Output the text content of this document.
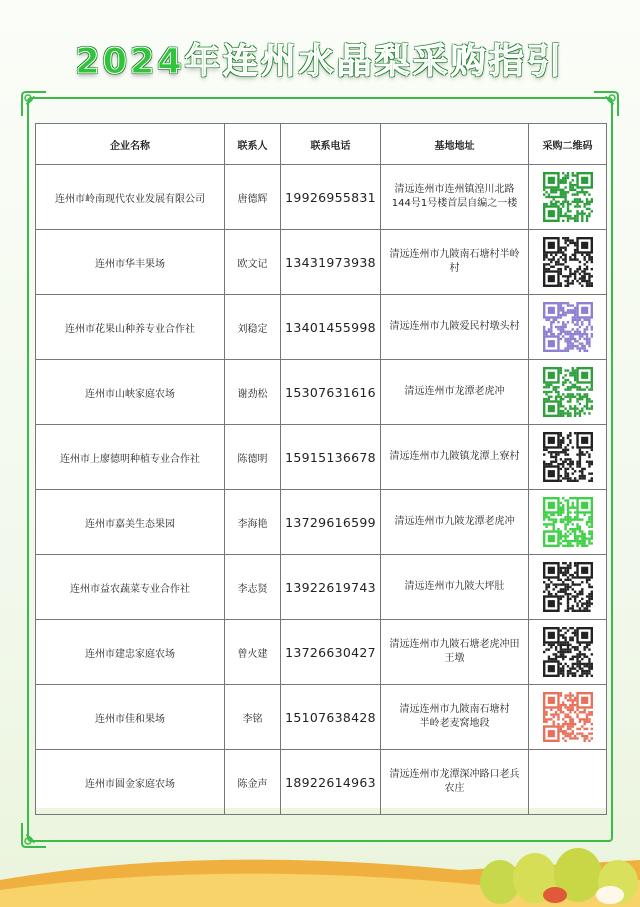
2024年连州水晶梨采购指引
企业名称	联系人	联系电话	基地地址	采购二维码
连州市岭南现代农业发展有限公司	唐德辉	19926955831	清远连州市连州镇湟川北路
144号1号楼首层自编之一楼

连州市华丰果场	欧文记	13431973938	清远连州市九陂南石塘村半岭村

连州市花果山种养专业合作社	刘稳定	13401455998	清远连州市九陂爱民村墩头村

连州市山峡家庭农场	谢劲松	15307631616	清远连州市龙潭老虎冲

连州市上廖德明种植专业合作社	陈德明	15915136678	清远连州市九陂镇龙潭上寮村

连州市嘉美生态果园	李海艳	13729616599	清远连州市九陂龙潭老虎冲

连州市益农蔬菜专业合作社	李志贤	13922619743	清远连州市九陂大坪肚

连州市建忠家庭农场	曾火建	13726630427	清远连州市九陂石塘老虎冲田王墩

连州市佳和果场	李铭	15107638428	清远连州市九陂南石塘村
半岭老麦窝地段

连州市圆金家庭农场	陈金声	18922614963	清远连州市龙潭深冲路口老兵农庄	
